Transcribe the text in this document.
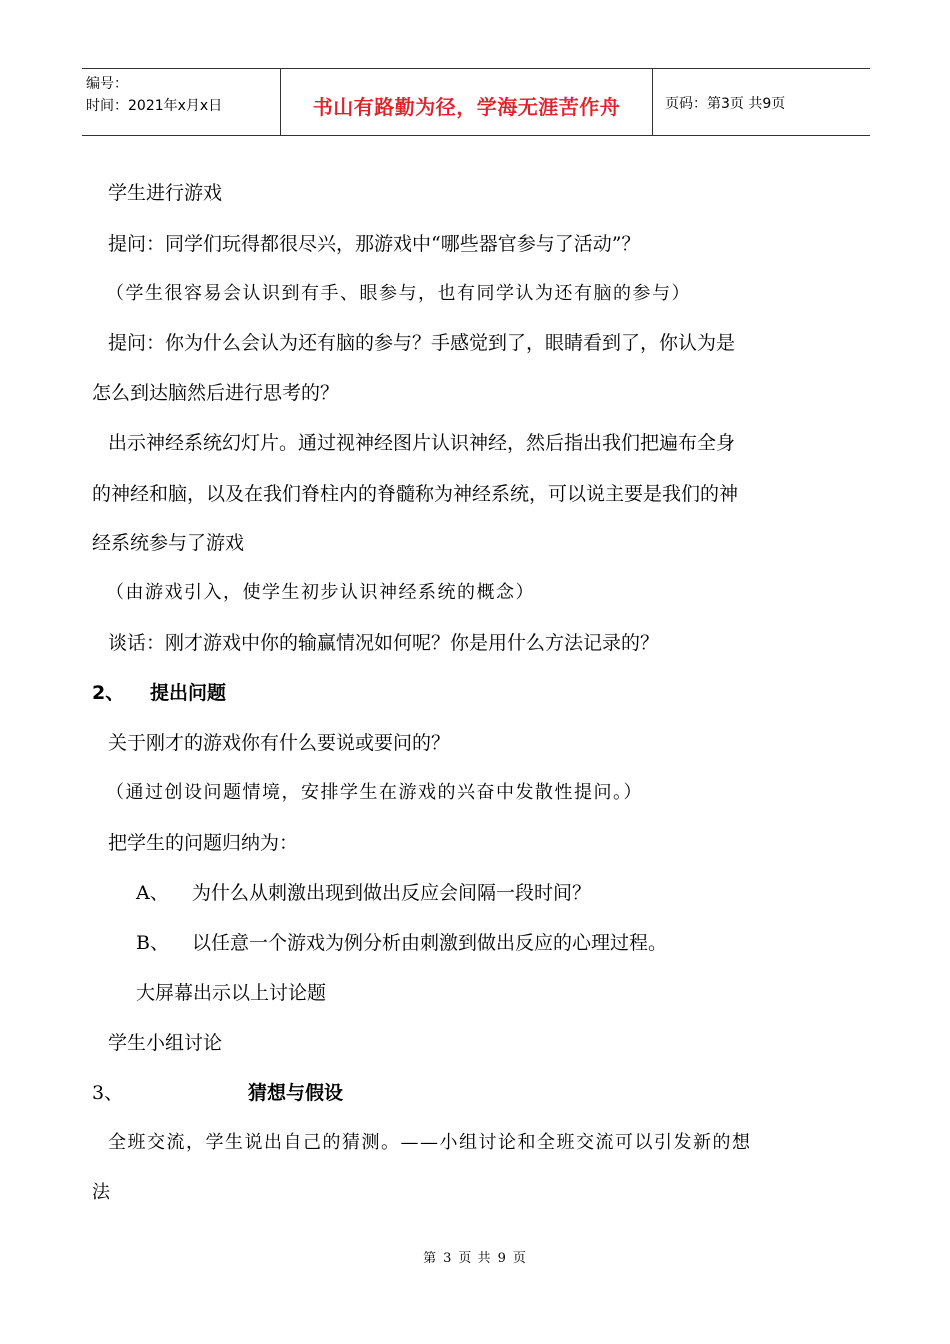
编号：
时间：2021年x月x日	书山有路勤为径，学海无涯苦作舟	页码：第3页 共9页
学生进行游戏
提问：同学们玩得都很尽兴，那游戏中“哪些器官参与了活动”？
（学生很容易会认识到有手、眼参与，也有同学认为还有脑的参与）
提问：你为什么会认为还有脑的参与？手感觉到了，眼睛看到了，你认为是
怎么到达脑然后进行思考的？
出示神经系统幻灯片。通过视神经图片认识神经，然后指出我们把遍布全身
的神经和脑，以及在我们脊柱内的脊髓称为神经系统，可以说主要是我们的神
经系统参与了游戏
（由游戏引入，使学生初步认识神经系统的概念）
谈话：刚才游戏中你的输赢情况如何呢？你是用什么方法记录的？
2、 提出问题
关于刚才的游戏你有什么要说或要问的？
（通过创设问题情境，安排学生在游戏的兴奋中发散性提问。）
把学生的问题归纳为：
A、 为什么从刺激出现到做出反应会间隔一段时间？
B、 以任意一个游戏为例分析由刺激到做出反应的心理过程。
大屏幕出示以上讨论题
学生小组讨论
3、	猜想与假设
全班交流，学生说出自己的猜测。——小组讨论和全班交流可以引发新的想
法
第 3 页 共 9 页
